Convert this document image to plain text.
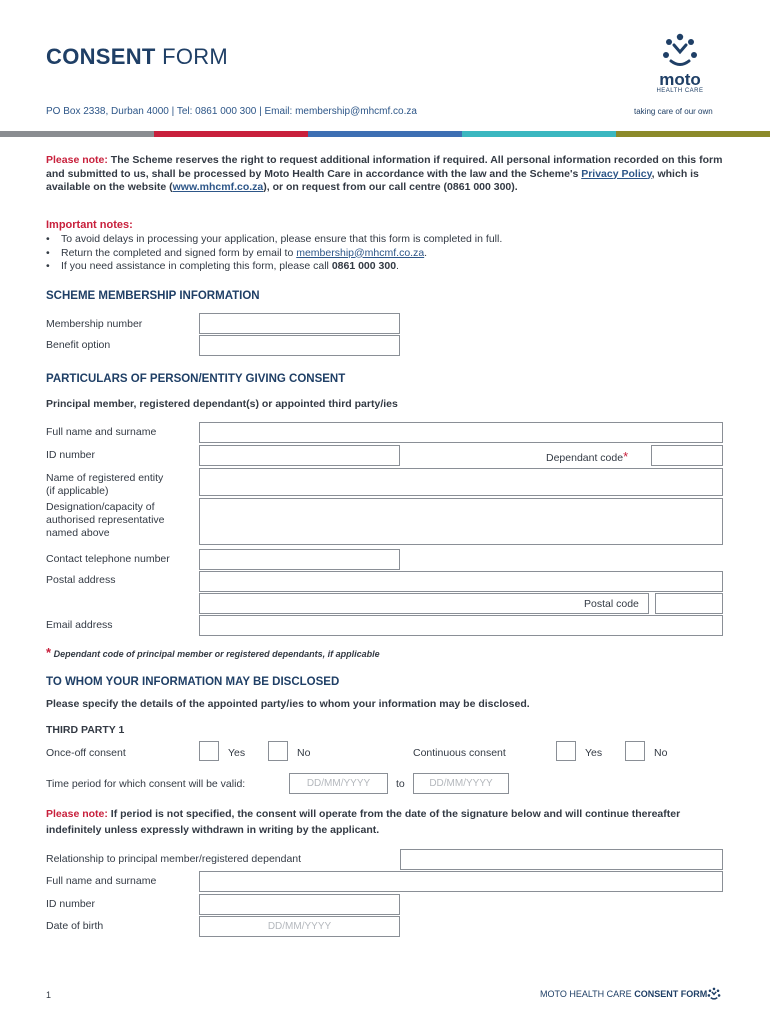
CONSENT FORM
PO Box 2338, Durban 4000 | Tel: 0861 000 300 | Email: membership@mhcmf.co.za
moto
HEALTH CARE
taking care of our own
Please note: The Scheme reserves the right to request additional information if required. All personal information recorded on this form and submitted to us, shall be processed by Moto Health Care in accordance with the law and the Scheme's Privacy Policy, which is available on the website (www.mhcmf.co.za), or on request from our call centre (0861 000 300).
Important notes:
• To avoid delays in processing your application, please ensure that this form is completed in full.
• Return the completed and signed form by email to membership@mhcmf.co.za.
• If you need assistance in completing this form, please call 0861 000 300.
SCHEME MEMBERSHIP INFORMATION
Membership number
Benefit option
PARTICULARS OF PERSON/ENTITY GIVING CONSENT
Principal member, registered dependant(s) or appointed third party/ies
Full name and surname
ID number	Dependant code*
Name of registered entity
(if applicable)
Designation/capacity of
authorised representative
named above
Contact telephone number
Postal address
Postal code
Email address
* Dependant code of principal member or registered dependants, if applicable
TO WHOM YOUR INFORMATION MAY BE DISCLOSED
Please specify the details of the appointed party/ies to whom your information may be disclosed.
THIRD PARTY 1
Once-off consent	Yes	No	Continuous consent	Yes	No
Time period for which consent will be valid:	DD/MM/YYYY	to	DD/MM/YYYY
Please note: If period is not specified, the consent will operate from the date of the signature below and will continue thereafter indefinitely unless expressly withdrawn in writing by the applicant.
Relationship to principal member/registered dependant
Full name and surname
ID number
Date of birth	DD/MM/YYYY
1	MOTO HEALTH CARE CONSENT FORM
